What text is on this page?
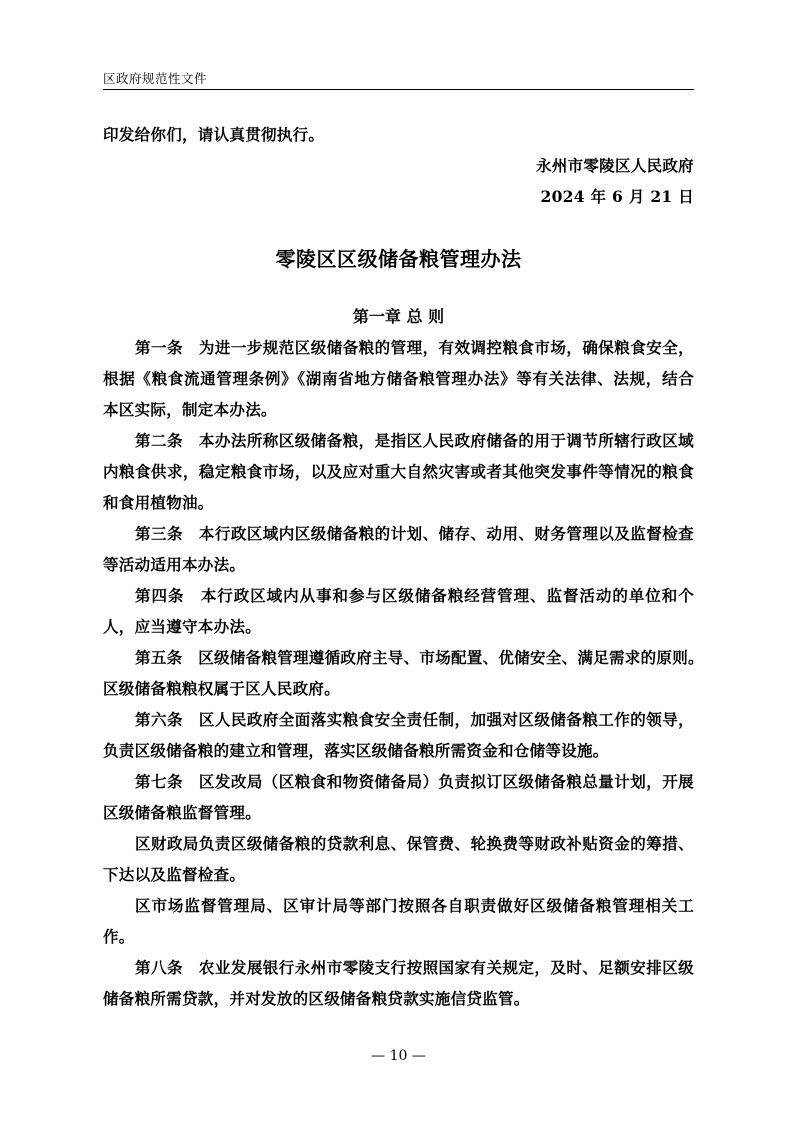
区政府规范性文件
印发给你们，请认真贯彻执行。
永州市零陵区人民政府
2024 年 6 月 21 日
零陵区区级储备粮管理办法
第一章 总 则
第一条　为进一步规范区级储备粮的管理，有效调控粮食市场，确保粮食安全，
根据《粮食流通管理条例》《湖南省地方储备粮管理办法》等有关法律、法规，结合
本区实际，制定本办法。
第二条　本办法所称区级储备粮，是指区人民政府储备的用于调节所辖行政区域
内粮食供求，稳定粮食市场，以及应对重大自然灾害或者其他突发事件等情况的粮食
和食用植物油。
第三条　本行政区域内区级储备粮的计划、储存、动用、财务管理以及监督检查
等活动适用本办法。
第四条　本行政区域内从事和参与区级储备粮经营管理、监督活动的单位和个
人，应当遵守本办法。
第五条　区级储备粮管理遵循政府主导、市场配置、优储安全、满足需求的原则。
区级储备粮粮权属于区人民政府。
第六条　区人民政府全面落实粮食安全责任制，加强对区级储备粮工作的领导，
负责区级储备粮的建立和管理，落实区级储备粮所需资金和仓储等设施。
第七条　区发改局（区粮食和物资储备局）负责拟订区级储备粮总量计划，开展
区级储备粮监督管理。
区财政局负责区级储备粮的贷款利息、保管费、轮换费等财政补贴资金的筹措、
下达以及监督检查。
区市场监督管理局、区审计局等部门按照各自职责做好区级储备粮管理相关工
作。
第八条　农业发展银行永州市零陵支行按照国家有关规定，及时、足额安排区级
储备粮所需贷款，并对发放的区级储备粮贷款实施信贷监管。
— 10 —
